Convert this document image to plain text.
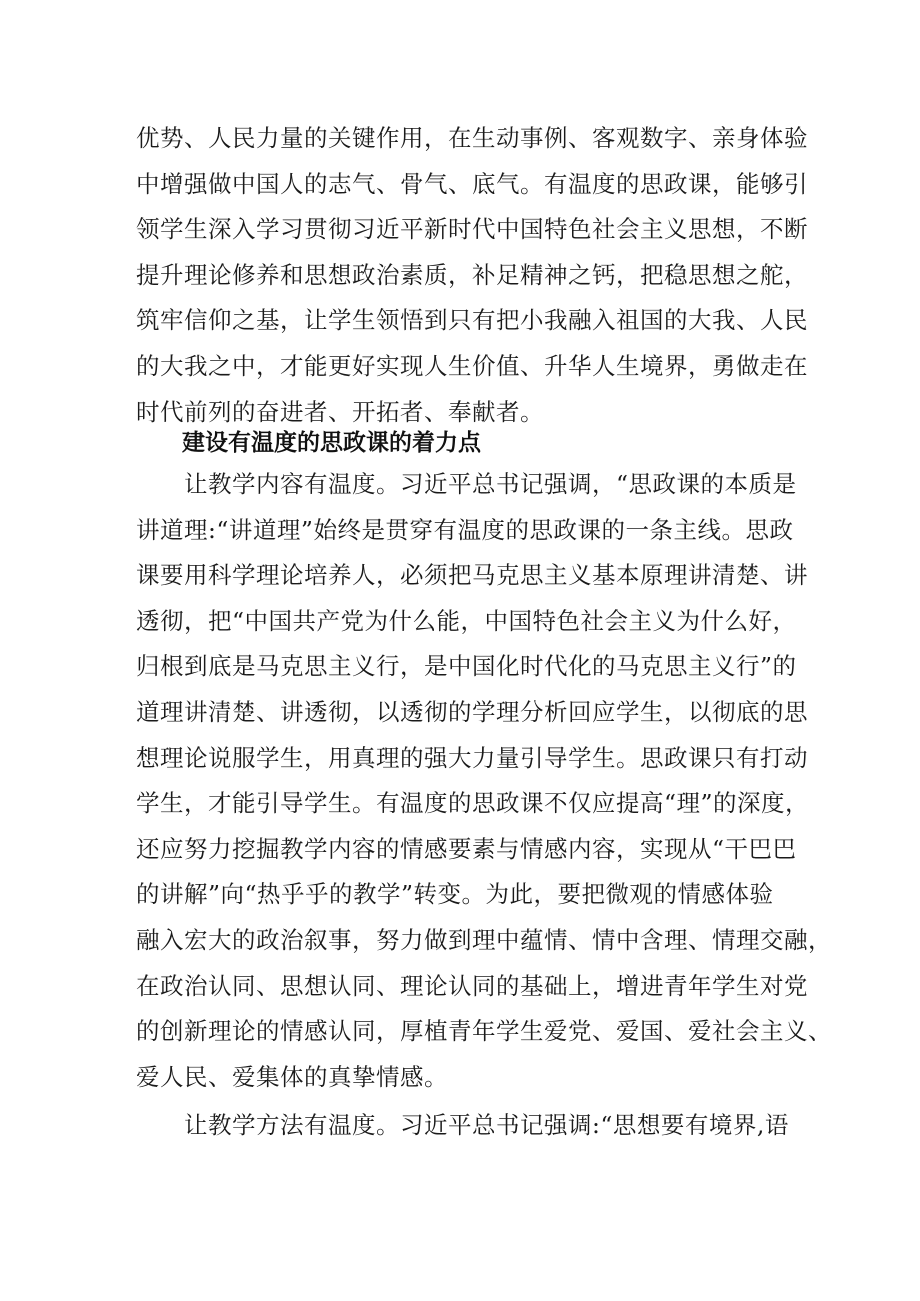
优势、人民力量的关键作用，在生动事例、客观数字、亲身体验
中增强做中国人的志气、骨气、底气。有温度的思政课，能够引
领学生深入学习贯彻习近平新时代中国特色社会主义思想，不断
提升理论修养和思想政治素质，补足精神之钙，把稳思想之舵，
筑牢信仰之基，让学生领悟到只有把小我融入祖国的大我、人民
的大我之中，才能更好实现人生价值、升华人生境界，勇做走在
时代前列的奋进者、开拓者、奉献者。

建设有温度的思政课的着力点

让教学内容有温度。习近平总书记强调，“思政课的本质是
讲道理:“讲道理”始终是贯穿有温度的思政课的一条主线。思政
课要用科学理论培养人，必须把马克思主义基本原理讲清楚、讲
透彻，把“中国共产党为什么能，中国特色社会主义为什么好，
归根到底是马克思主义行，是中国化时代化的马克思主义行”的
道理讲清楚、讲透彻，以透彻的学理分析回应学生，以彻底的思
想理论说服学生，用真理的强大力量引导学生。思政课只有打动
学生，才能引导学生。有温度的思政课不仅应提高“理”的深度，
还应努力挖掘教学内容的情感要素与情感内容，实现从“干巴巴
的讲解”向“热乎乎的教学”转变。为此，要把微观的情感体验
融入宏大的政治叙事，努力做到理中蕴情、情中含理、情理交融，
在政治认同、思想认同、理论认同的基础上，增进青年学生对党
的创新理论的情感认同，厚植青年学生爱党、爱国、爱社会主义、
爱人民、爱集体的真挚情感。

让教学方法有温度。习近平总书记强调:“思想要有境界,语
